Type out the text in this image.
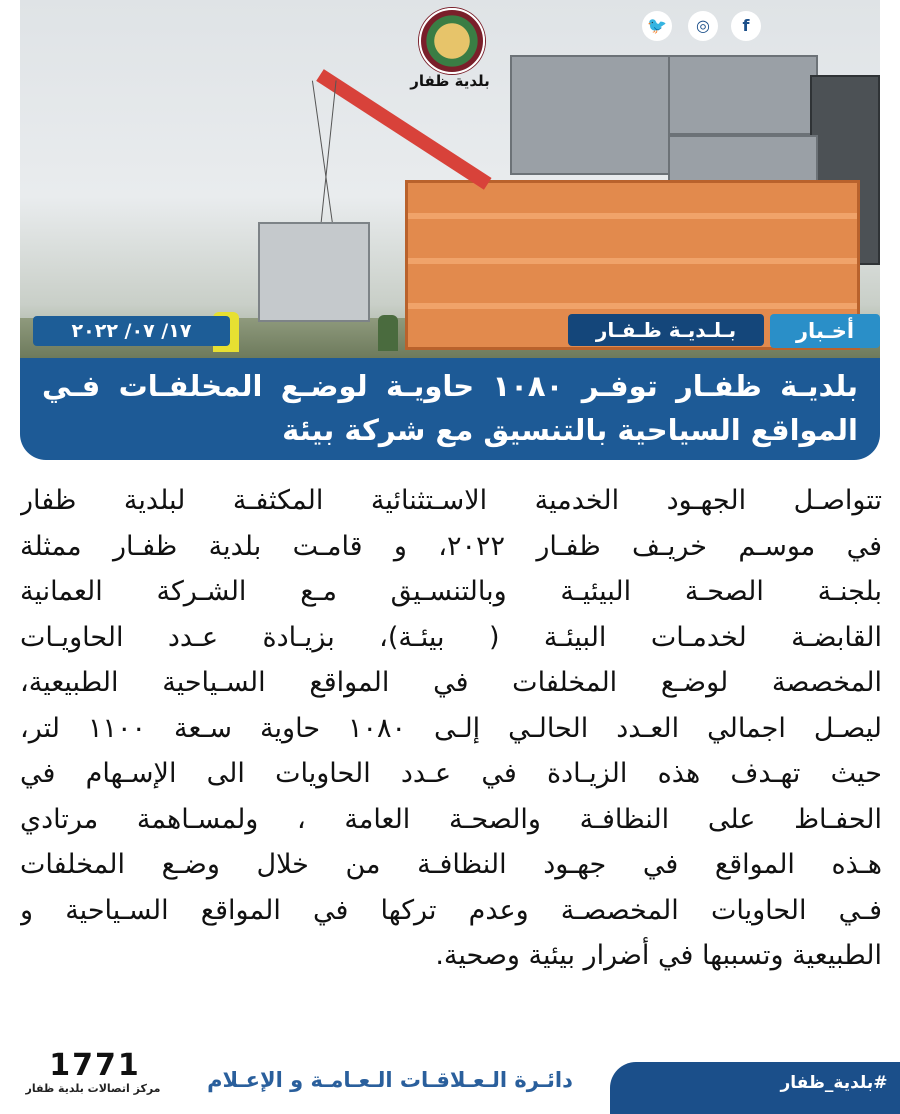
بلدية ظفار
١٧/ ٠٧/ ٢٠٢٢	بـلـديـة ظـفـار	أخـبار
بلديـة ظفـار توفـر ١٠٨٠ حاويـة لوضـع المخلفـات فـي
المواقع السياحية بالتنسيق مع شركة بيئة
تتواصـل الجهـود الخدمية الاسـتثنائية المكثفـة لبلدية ظفار
في موسـم خريـف ظفـار ٢٠٢٢، و قامـت بلدية ظفـار ممثلة
بلجنـة الصحـة البيئيـة وبالتنسـيق مـع الشـركة العمانية
القابضـة لخدمـات البيئـة ( بيئـة)، بزيـادة عـدد الحاويـات
المخصصة لوضـع المخلفات في المواقع السـياحية الطبيعية،
ليصـل اجمالي العـدد الحالـي إلـى ١٠٨٠ حاوية سـعة ١١٠٠ لتر،
حيث تهـدف هذه الزيـادة في عـدد الحاويات الى الإسـهام في
الحفـاظ على النظافـة والصحـة العامة ، ولمسـاهمة مرتادي
هـذه المواقع في جهـود النظافـة من خلال وضـع المخلفات
فـي الحاويات المخصصـة وعدم تركها في المواقع السـياحية و
الطبيعية وتسببها في أضرار بيئية وصحية.
1771
مركز اتصالات بلدية ظفار	دائـرة الـعـلاقـات الـعـامـة و الإعـلام
🐦	◎	f
#بلدية_ظفار
